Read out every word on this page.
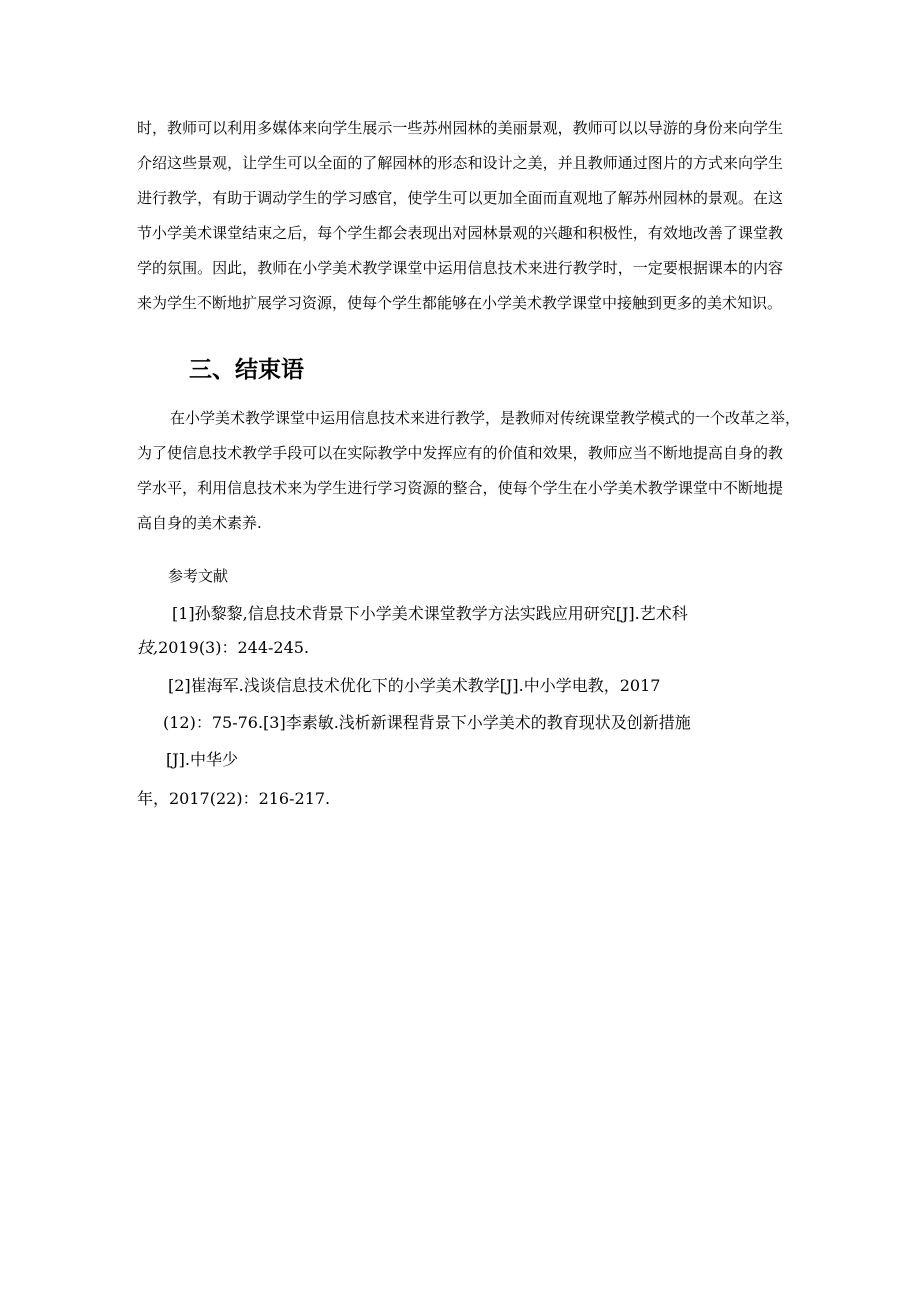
时，教师可以利用多媒体来向学生展示一些苏州园林的美丽景观，教师可以以导游的身份来向学生
介绍这些景观，让学生可以全面的了解园林的形态和设计之美，并且教师通过图片的方式来向学生
进行教学，有助于调动学生的学习感官，使学生可以更加全面而直观地了解苏州园林的景观。在这
节小学美术课堂结束之后，每个学生都会表现出对园林景观的兴趣和积极性，有效地改善了课堂教
学的氛围。因此，教师在小学美术教学课堂中运用信息技术来进行教学时，一定要根据课本的内容
来为学生不断地扩展学习资源，使每个学生都能够在小学美术教学课堂中接触到更多的美术知识。
三、结束语
在小学美术教学课堂中运用信息技术来进行教学，是教师对传统课堂教学模式的一个改革之举，
为了使信息技术教学手段可以在实际教学中发挥应有的价值和效果，教师应当不断地提高自身的教
学水平，利用信息技术来为学生进行学习资源的整合，使每个学生在小学美术教学课堂中不断地提
高自身的美术素养.
参考文献
[1]孙黎黎,信息技术背景下小学美术课堂教学方法实践应用研究[J].艺术科
技,2019(3)：244-245.
[2]崔海军.浅谈信息技术优化下的小学美术教学[J].中小学电教，2017
(12)：75-76.[3]李素敏.浅析新课程背景下小学美术的教育现状及创新措施
[J].中华少
年，2017(22)：216-217.
